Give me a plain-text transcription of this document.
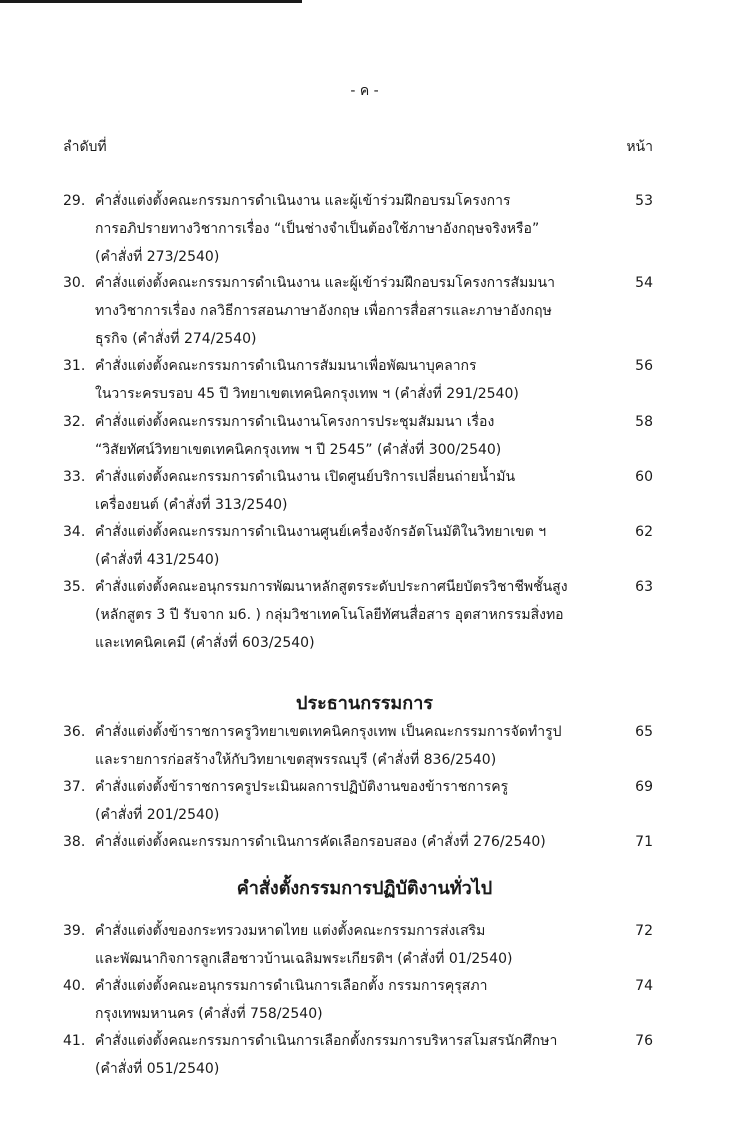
- ค -
ลำดับที่	หน้า
29. คำสั่งแต่งตั้งคณะกรรมการดำเนินงาน และผู้เข้าร่วมฝึกอบรมโครงการ
การอภิปรายทางวิชาการเรื่อง “เป็นช่างจำเป็นต้องใช้ภาษาอังกฤษจริงหรือ”
(คำสั่งที่ 273/2540)
53
30. คำสั่งแต่งตั้งคณะกรรมการดำเนินงาน และผู้เข้าร่วมฝึกอบรมโครงการสัมมนา
ทางวิชาการเรื่อง กลวิธีการสอนภาษาอังกฤษ เพื่อการสื่อสารและภาษาอังกฤษ
ธุรกิจ (คำสั่งที่ 274/2540)
54
31. คำสั่งแต่งตั้งคณะกรรมการดำเนินการสัมมนาเพื่อพัฒนาบุคลากร
ในวาระครบรอบ 45 ปี วิทยาเขตเทคนิคกรุงเทพ ฯ (คำสั่งที่ 291/2540)
56
32. คำสั่งแต่งตั้งคณะกรรมการดำเนินงานโครงการประชุมสัมมนา เรื่อง
“วิสัยทัศน์วิทยาเขตเทคนิคกรุงเทพ ฯ ปี 2545” (คำสั่งที่ 300/2540)
58
33. คำสั่งแต่งตั้งคณะกรรมการดำเนินงาน เปิดศูนย์บริการเปลี่ยนถ่ายน้ำมัน
เครื่องยนต์ (คำสั่งที่ 313/2540)
60
34. คำสั่งแต่งตั้งคณะกรรมการดำเนินงานศูนย์เครื่องจักรอัตโนมัติในวิทยาเขต ฯ
(คำสั่งที่ 431/2540)
62
35. คำสั่งแต่งตั้งคณะอนุกรรมการพัฒนาหลักสูตรระดับประกาศนียบัตรวิชาชีพชั้นสูง
(หลักสูตร 3 ปี รับจาก ม6. ) กลุ่มวิชาเทคโนโลยีทัศนสื่อสาร อุตสาหกรรมสิ่งทอ
และเทคนิคเคมี (คำสั่งที่ 603/2540)
63
ประธานกรรมการ
36. คำสั่งแต่งตั้งข้าราชการครูวิทยาเขตเทคนิคกรุงเทพ เป็นคณะกรรมการจัดทำรูป
และรายการก่อสร้างให้กับวิทยาเขตสุพรรณบุรี (คำสั่งที่ 836/2540)
65
37. คำสั่งแต่งตั้งข้าราชการครูประเมินผลการปฏิบัติงานของข้าราชการครู
(คำสั่งที่ 201/2540)
69
38. คำสั่งแต่งตั้งคณะกรรมการดำเนินการคัดเลือกรอบสอง (คำสั่งที่ 276/2540)	71
คำสั่งตั้งกรรมการปฏิบัติงานทั่วไป
39. คำสั่งแต่งตั้งของกระทรวงมหาดไทย แต่งตั้งคณะกรรมการส่งเสริม
และพัฒนากิจการลูกเสือชาวบ้านเฉลิมพระเกียรติฯ (คำสั่งที่ 01/2540)
72
40. คำสั่งแต่งตั้งคณะอนุกรรมการดำเนินการเลือกตั้ง กรรมการคุรุสภา
กรุงเทพมหานคร (คำสั่งที่ 758/2540)
74
41. คำสั่งแต่งตั้งคณะกรรมการดำเนินการเลือกตั้งกรรมการบริหารสโมสรนักศึกษา
(คำสั่งที่ 051/2540)
76
